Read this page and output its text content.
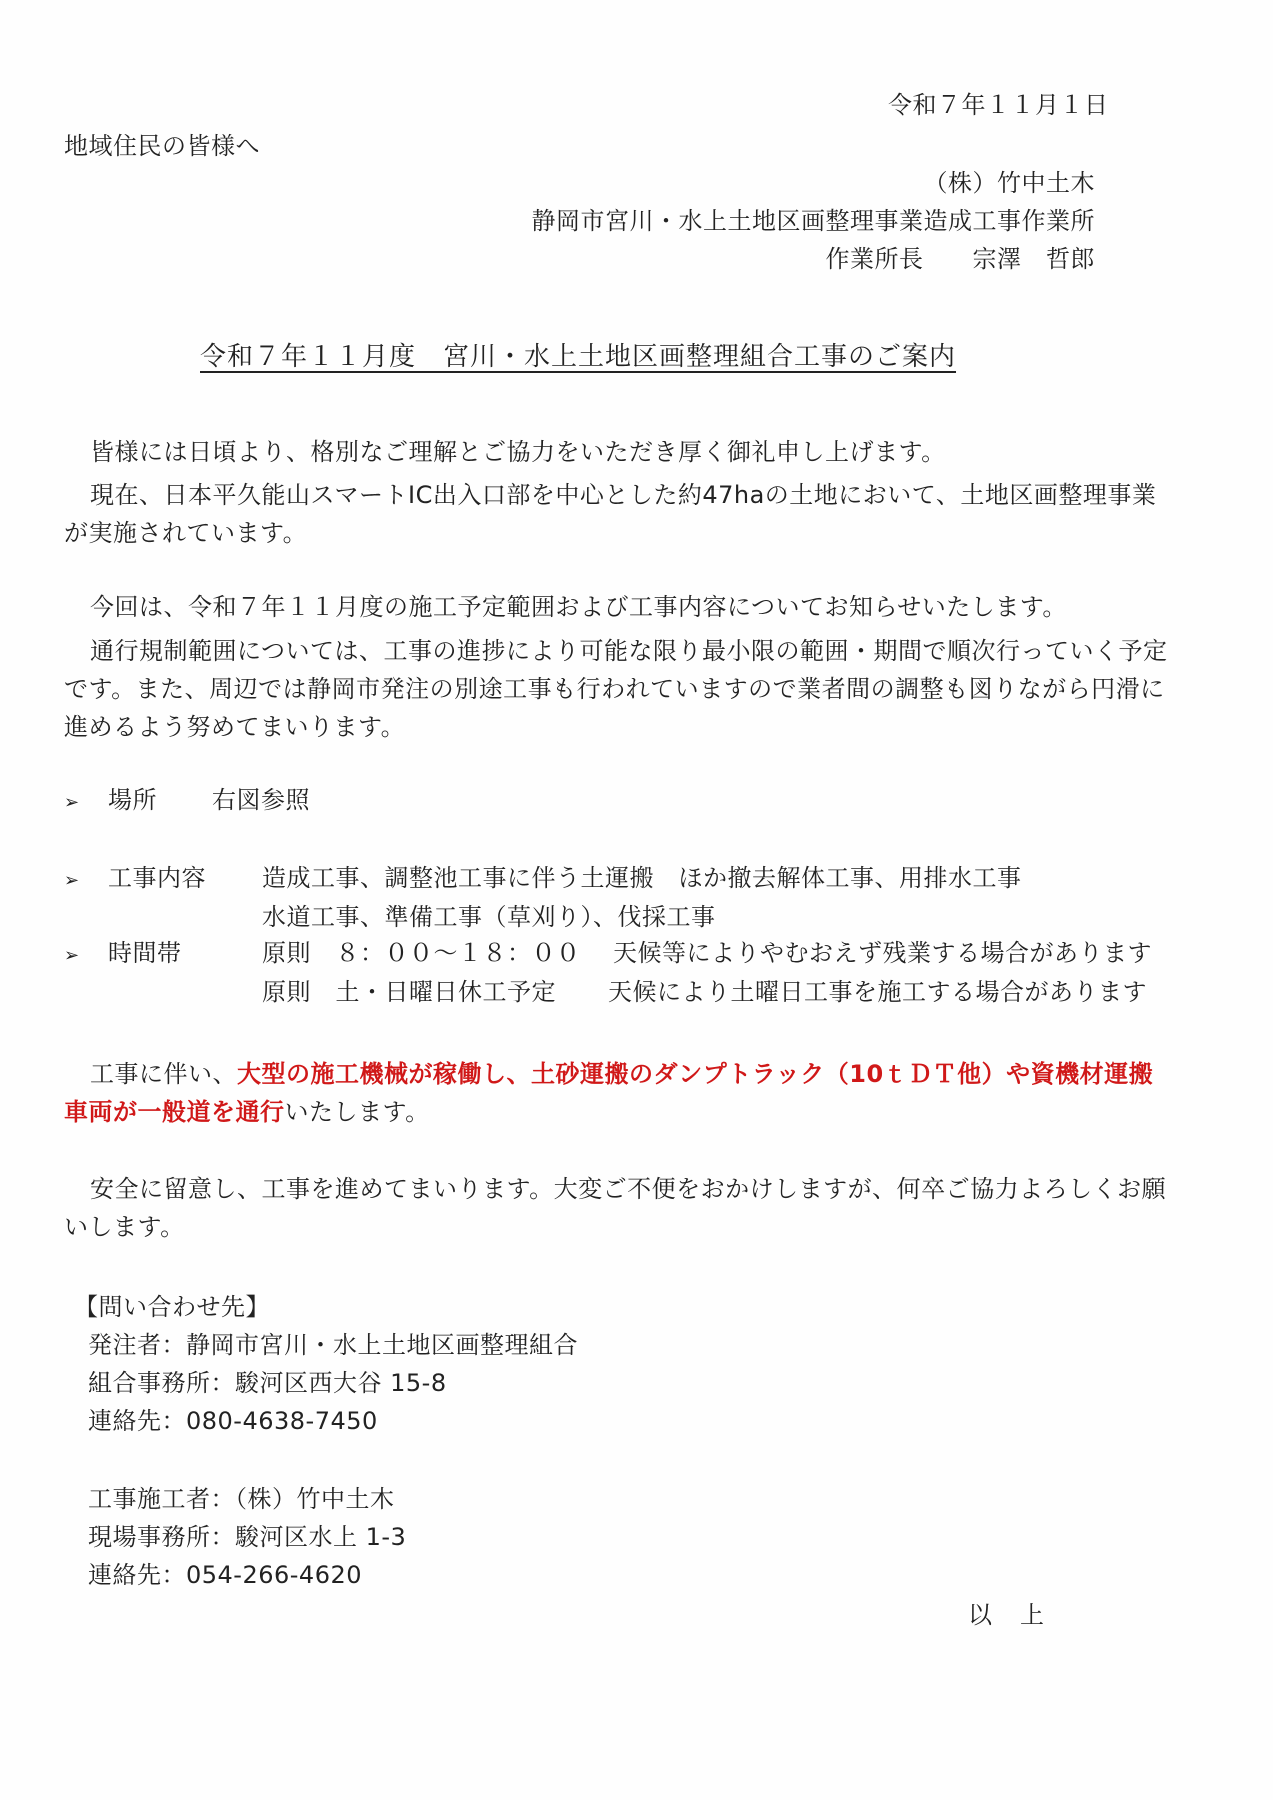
令和７年１１月１日
地域住民の皆様へ
（株）竹中土木
静岡市宮川・水上土地区画整理事業造成工事作業所
作業所長　　宗澤　哲郎
令和７年１１月度　宮川・水上土地区画整理組合工事のご案内
皆様には日頃より、格別なご理解とご協力をいただき厚く御礼申し上げます。
現在、日本平久能山スマートIC出入口部を中心とした約47haの土地において、土地区画整理事業が実施されています。
今回は、令和７年１１月度の施工予定範囲および工事内容についてお知らせいたします。
通行規制範囲については、工事の進捗により可能な限り最小限の範囲・期間で順次行っていく予定です。また、周辺では静岡市発注の別途工事も行われていますので業者間の調整も図りながら円滑に進めるよう努めてまいります。
➢ 場所 右図参照
➢ 工事内容 造成工事、調整池工事に伴う土運搬　ほか撤去解体工事、用排水工事
水道工事、準備工事（草刈り）、伐採工事
➢ 時間帯	原則　８：００～１８：００ 天候等によりやむおえず残業する場合があります
原則　土・日曜日休工予定 天候により土曜日工事を施工する場合があります
工事に伴い、大型の施工機械が稼働し、土砂運搬のダンプトラック（10ｔＤＴ他）や資機材運搬車両が一般道を通行いたします。
安全に留意し、工事を進めてまいります。大変ご不便をおかけしますが、何卒ご協力よろしくお願いします。
【問い合わせ先】
発注者：静岡市宮川・水上土地区画整理組合
組合事務所：駿河区西大谷 15-8
連絡先：080-4638-7450
工事施工者：（株）竹中土木
現場事務所：駿河区水上 1-3
連絡先：054-266-4620
以上
